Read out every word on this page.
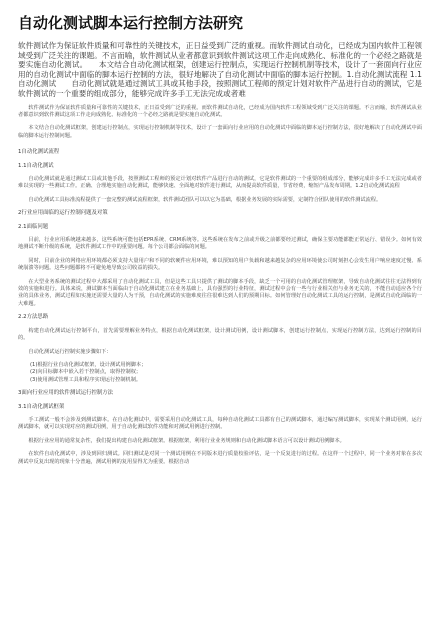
自动化测试脚本运行控制方法研究

软件测试作为保证软件质量和可靠性的关键技术，正日益受到广泛的重视。而软件测试自动化，已经成为国内软件工程领域受到广泛关注的课题。不言而喻，软件测试从业者都意识到软件测试这项工作走向成熟化、标准化的一个必经之路就是要实施自动化测试。　　本文结合自动化测试框架，创建运行控制点，实现运行控制机制等技术，设计了一套面向行业应用的自动化测试中面临的脚本运行控制的方法，很好地解决了自动化测试中面临的脚本运行控制。1.自动化测试流程 1.1自动化测试　　自动化测试就是通过测试工具或其他手段，按照测试工程师的预定计划对软件产品进行自动的测试，它是软件测试的一个重要的组成部分，能够完成许多手工无法完成或者难

软件测试作为保证软件质量和可靠性的关键技术，正日益受到广泛的重视。而软件测试自动化，已经成为国内软件工程领域受到广泛关注的课题。不言而喻，软件测试从业者都意识到软件测试这项工作走向成熟化、标准化的一个必经之路就是要实施自动化测试。

本文结合自动化测试框架，创建运行控制点，实现运行控制机制等技术，设计了一套面向行业应用的自动化测试中面临的脚本运行控制方法，很好地解决了自动化测试中面临的脚本运行控制问题。

1自动化测试流程

1.1自动化测试

自动化测试就是通过测试工具或其他手段，按照测试工程师的预定计划对软件产品进行自动的测试，它是软件测试的一个重要的组成部分，能够完成许多手工无法完成或者难以实现的一些测试工作。正确、合理地实施自动化测试，能够快速、全面地对软件进行测试，从而提高软件质量，节省经费，缩短产品发布周期。1.2自动化测试流程

自动化测试工具标准流程提供了一套完整的测试流程框架，软件测试团队可以以它为基础，根据业务发展的实际需要，定制符合团队使用的软件测试流程。

2行业应用面临的运行控制问题及对策

2.1面临问题

目前，行业应用系统越来越多，这些系统可能包括EPR系统、CRM系统等。这些系统在发布之前或升级之前都要经过测试，确保主要功能都能正常运行、错误少。如何有效地测试不断升级的系统，是软件测试工作中的重要问题。每个公司都会面临的问题。

同时，目前企业的网络应用环境都必须支持大量用户和不同的软硬件应用环境，难以预知的用户负载和越来越复杂的应用环境使公司时刻担心会发生用户响应速度过慢、系统崩溃等问题。这些问题都将不可避免地导致公司收益的损失。

在大型业务系统的测试过程中大都采用了自动化测试工具，但是这些工具只提供了测试的脚本手段，缺乏一个可用的自动化测试管理框架，导致自动化测试往往无法得到有效的实施和进行。具体来说，测试脚本当面临由于自动化测试建立在业务基础上，具有强烈的行业特征，测试过程中会有一些与行业相关但与业务无关的，不能自动适应各个行业的具体业务，测试过程如实施还需要大量的人为干预，自动化测试的实施难度往往很难达到人们的预期目标。如何管理好自动化测试工具的运行控制，是测试自动化面临的一大难题。

2.2方法思路

构建自动化测试运行控制平台，首先需要理解业务特点，根据自动化测试框架，设计测试用例，设计测试脚本，创建运行控制点，实现运行控制方法，达到运行控制的目的。

自动化测试运行控制实施步骤如下：

(1)根据行业自动化测试框架，设计测试用例脚本；
(2)向目标脚本中嵌入若干控制点，取得控制权；
(3)使用测试管理工具和程序实现运行控制机制。

3面向行业应用的软件测试运行控制方法

3.1自动化测试框架

手工测试一般不会涉及到测试脚本。在自动化测试中，需要采用自动化测试工具，每种自动化测试工具都有自己的测试脚本，通过编写测试脚本，实现某个测试用例，运行测试脚本，就可以实现对应的测试用例，用于自动化测试软件功能和对测试用例进行控制。

根据行业应用的通常复杂性，我们提出构建自动化测试框架。根据框架，利用行业业务规则和自动化测试脚本语言可以设计测试用例脚本。

在软件自动化测试中，涉及到回归测试。回归测试是对同一个测试用例在不同版本进行质量校验评估，是一个反复进行的过程。在这样一个过程中，同一个业务对象在多次测试中反复出现的现象十分普遍，测试用例的复用显得尤为重要。根据自动
